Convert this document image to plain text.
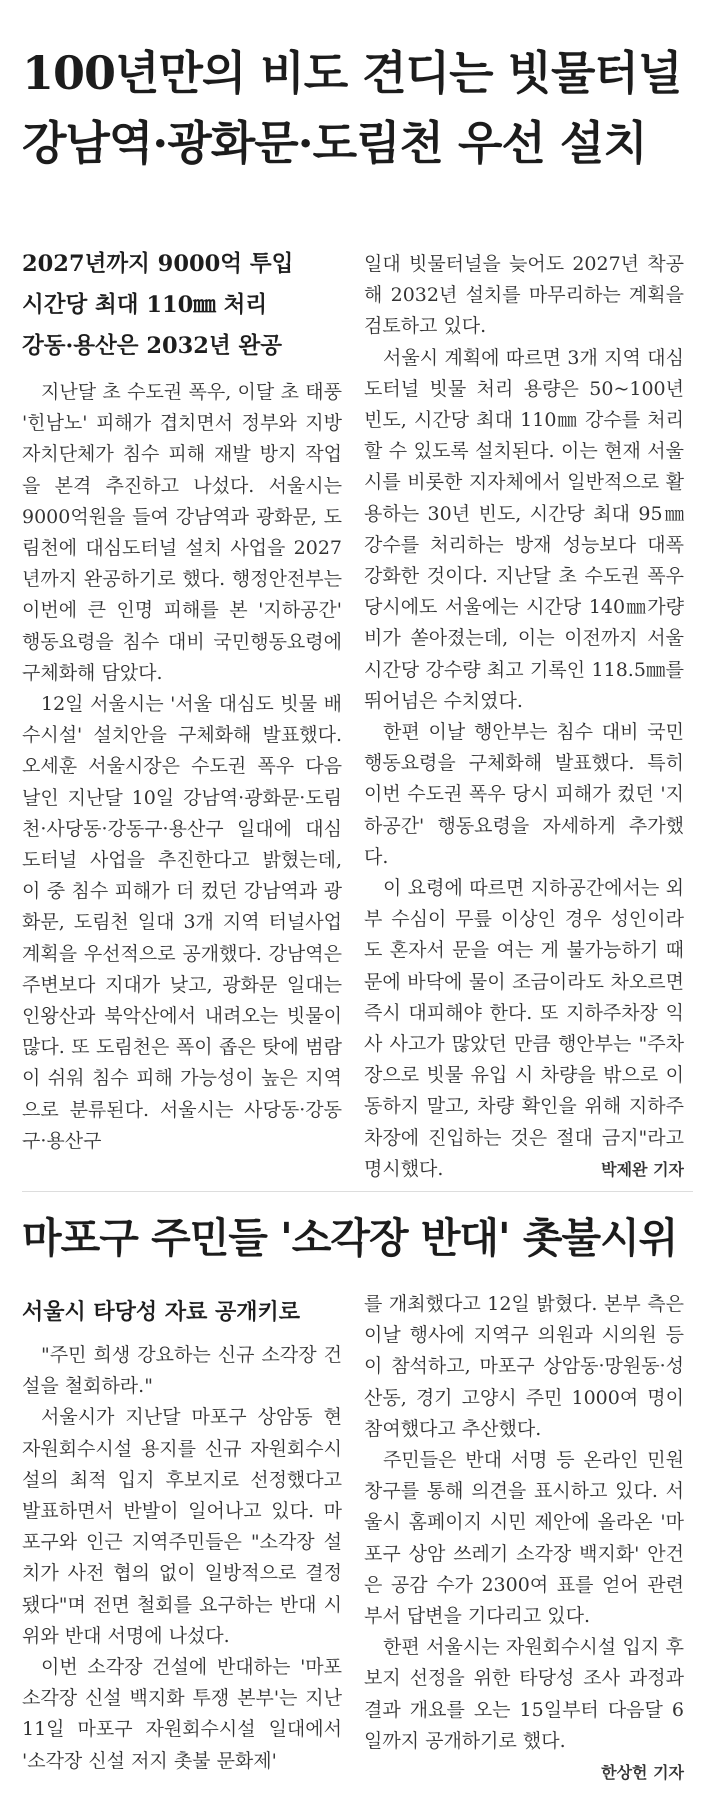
100년만의 비도 견디는 빗물터널
강남역·광화문·도림천 우선 설치
2027년까지 9000억 투입
시간당 최대 110㎜ 처리
강동·용산은 2032년 완공

지난달 초 수도권 폭우, 이달 초 태풍 '힌남노' 피해가 겹치면서 정부와 지방자치단체가 침수 피해 재발 방지 작업을 본격 추진하고 나섰다. 서울시는 9000억원을 들여 강남역과 광화문, 도림천에 대심도터널 설치 사업을 2027년까지 완공하기로 했다. 행정안전부는 이번에 큰 인명 피해를 본 '지하공간' 행동요령을 침수 대비 국민행동요령에 구체화해 담았다.

12일 서울시는 '서울 대심도 빗물 배수시설' 설치안을 구체화해 발표했다. 오세훈 서울시장은 수도권 폭우 다음 날인 지난달 10일 강남역·광화문·도림천·사당동·강동구·용산구 일대에 대심도터널 사업을 추진한다고 밝혔는데, 이 중 침수 피해가 더 컸던 강남역과 광화문, 도림천 일대 3개 지역 터널사업 계획을 우선적으로 공개했다. 강남역은 주변보다 지대가 낮고, 광화문 일대는 인왕산과 북악산에서 내려오는 빗물이 많다. 또 도림천은 폭이 좁은 탓에 범람이 쉬워 침수 피해 가능성이 높은 지역으로 분류된다. 서울시는 사당동·강동구·용산구

일대 빗물터널을 늦어도 2027년 착공해 2032년 설치를 마무리하는 계획을 검토하고 있다.

서울시 계획에 따르면 3개 지역 대심도터널 빗물 처리 용량은 50~100년 빈도, 시간당 최대 110㎜ 강수를 처리할 수 있도록 설치된다. 이는 현재 서울시를 비롯한 지자체에서 일반적으로 활용하는 30년 빈도, 시간당 최대 95㎜ 강수를 처리하는 방재 성능보다 대폭 강화한 것이다. 지난달 초 수도권 폭우 당시에도 서울에는 시간당 140㎜가량 비가 쏟아졌는데, 이는 이전까지 서울 시간당 강수량 최고 기록인 118.5㎜를 뛰어넘은 수치였다.

한편 이날 행안부는 침수 대비 국민행동요령을 구체화해 발표했다. 특히 이번 수도권 폭우 당시 피해가 컸던 '지하공간' 행동요령을 자세하게 추가했다.

이 요령에 따르면 지하공간에서는 외부 수심이 무릎 이상인 경우 성인이라도 혼자서 문을 여는 게 불가능하기 때문에 바닥에 물이 조금이라도 차오르면 즉시 대피해야 한다. 또 지하주차장 익사 사고가 많았던 만큼 행안부는 "주차장으로 빗물 유입 시 차량을 밖으로 이동하지 말고, 차량 확인을 위해 지하주차장에 진입하는 것은 절대 금지"라고 명시했다.	박제완 기자

마포구 주민들 '소각장 반대' 촛불시위
서울시 타당성 자료 공개키로

"주민 희생 강요하는 신규 소각장 건설을 철회하라."

서울시가 지난달 마포구 상암동 현 자원회수시설 용지를 신규 자원회수시설의 최적 입지 후보지로 선정했다고 발표하면서 반발이 일어나고 있다. 마포구와 인근 지역주민들은 "소각장 설치가 사전 협의 없이 일방적으로 결정됐다"며 전면 철회를 요구하는 반대 시위와 반대 서명에 나섰다.

이번 소각장 건설에 반대하는 '마포 소각장 신설 백지화 투쟁 본부'는 지난 11일 마포구 자원회수시설 일대에서 '소각장 신설 저지 촛불 문화제'

를 개최했다고 12일 밝혔다. 본부 측은 이날 행사에 지역구 의원과 시의원 등이 참석하고, 마포구 상암동·망원동·성산동, 경기 고양시 주민 1000여 명이 참여했다고 추산했다.

주민들은 반대 서명 등 온라인 민원 창구를 통해 의견을 표시하고 있다. 서울시 홈페이지 시민 제안에 올라온 '마포구 상암 쓰레기 소각장 백지화' 안건은 공감 수가 2300여 표를 얻어 관련 부서 답변을 기다리고 있다.

한편 서울시는 자원회수시설 입지 후보지 선정을 위한 타당성 조사 과정과 결과 개요를 오는 15일부터 다음달 6일까지 공개하기로 했다.

한상헌 기자
